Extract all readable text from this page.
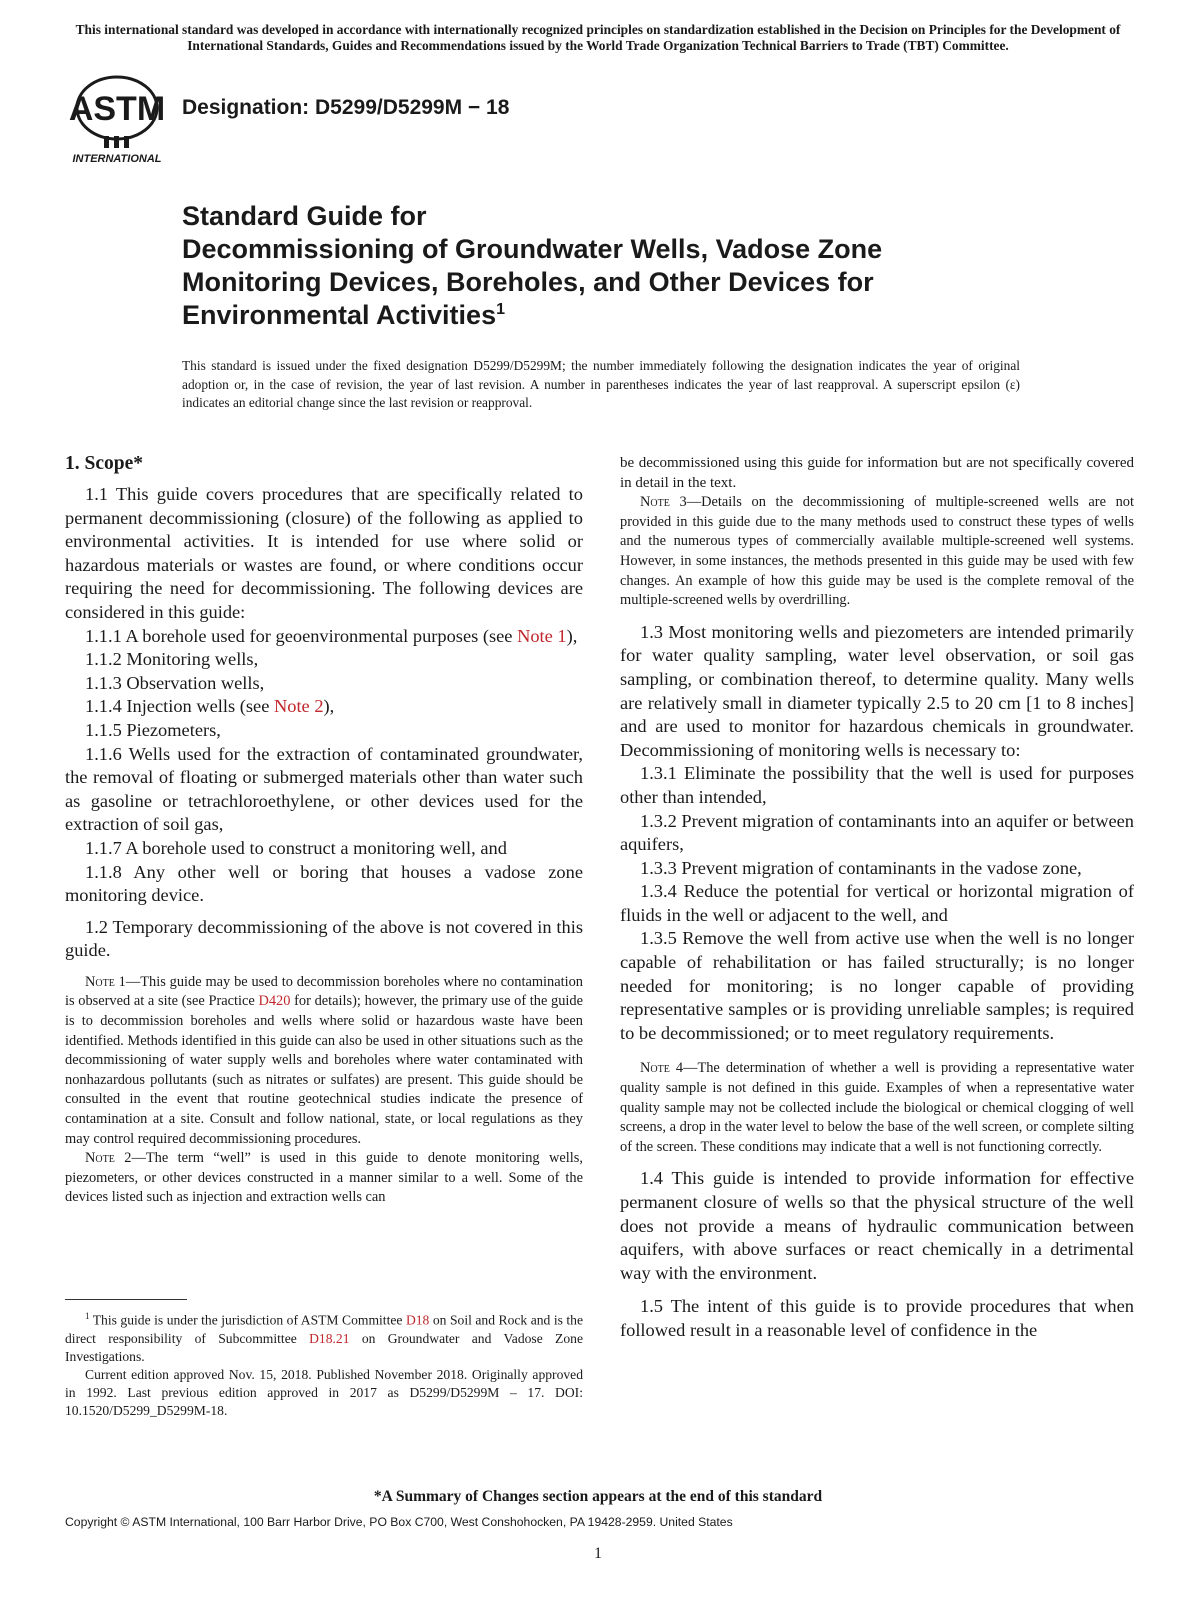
This international standard was developed in accordance with internationally recognized principles on standardization established in the Decision on Principles for the Development of International Standards, Guides and Recommendations issued by the World Trade Organization Technical Barriers to Trade (TBT) Committee.
ASTM
INTERNATIONAL
Designation: D5299/D5299M − 18
Standard Guide for
Decommissioning of Groundwater Wells, Vadose Zone
Monitoring Devices, Boreholes, and Other Devices for
Environmental Activities$^1$
This standard is issued under the fixed designation D5299/D5299M; the number immediately following the designation indicates the year of original adoption or, in the case of revision, the year of last revision. A number in parentheses indicates the year of last reapproval. A superscript epsilon (ε) indicates an editorial change since the last revision or reapproval.

1. Scope*

1.1 This guide covers procedures that are specifically related to permanent decommissioning (closure) of the following as applied to environmental activities. It is intended for use where solid or hazardous materials or wastes are found, or where conditions occur requiring the need for decommissioning. The following devices are considered in this guide:

1.1.1 A borehole used for geoenvironmental purposes (see Note 1),

1.1.2 Monitoring wells,

1.1.3 Observation wells,

1.1.4 Injection wells (see Note 2),

1.1.5 Piezometers,

1.1.6 Wells used for the extraction of contaminated groundwater, the removal of floating or submerged materials other than water such as gasoline or tetrachloroethylene, or other devices used for the extraction of soil gas,

1.1.7 A borehole used to construct a monitoring well, and

1.1.8 Any other well or boring that houses a vadose zone monitoring device.

1.2 Temporary decommissioning of the above is not covered in this guide.

Note 1—This guide may be used to decommission boreholes where no contamination is observed at a site (see Practice D420 for details); however, the primary use of the guide is to decommission boreholes and wells where solid or hazardous waste have been identified. Methods identified in this guide can also be used in other situations such as the decommissioning of water supply wells and boreholes where water contaminated with nonhazardous pollutants (such as nitrates or sulfates) are present. This guide should be consulted in the event that routine geotechnical studies indicate the presence of contamination at a site. Consult and follow national, state, or local regulations as they may control required decommissioning procedures.

Note 2—The term “well” is used in this guide to denote monitoring wells, piezometers, or other devices constructed in a manner similar to a well. Some of the devices listed such as injection and extraction wells can

be decommissioned using this guide for information but are not specifically covered in detail in the text.

Note 3—Details on the decommissioning of multiple-screened wells are not provided in this guide due to the many methods used to construct these types of wells and the numerous types of commercially available multiple-screened well systems. However, in some instances, the methods presented in this guide may be used with few changes. An example of how this guide may be used is the complete removal of the multiple-screened wells by overdrilling.

1.3 Most monitoring wells and piezometers are intended primarily for water quality sampling, water level observation, or soil gas sampling, or combination thereof, to determine quality. Many wells are relatively small in diameter typically 2.5 to 20 cm [1 to 8 inches] and are used to monitor for hazardous chemicals in groundwater. Decommissioning of monitoring wells is necessary to:

1.3.1 Eliminate the possibility that the well is used for purposes other than intended,

1.3.2 Prevent migration of contaminants into an aquifer or between aquifers,

1.3.3 Prevent migration of contaminants in the vadose zone,

1.3.4 Reduce the potential for vertical or horizontal migration of fluids in the well or adjacent to the well, and

1.3.5 Remove the well from active use when the well is no longer capable of rehabilitation or has failed structurally; is no longer needed for monitoring; is no longer capable of providing representative samples or is providing unreliable samples; is required to be decommissioned; or to meet regulatory requirements.

Note 4—The determination of whether a well is providing a representative water quality sample is not defined in this guide. Examples of when a representative water quality sample may not be collected include the biological or chemical clogging of well screens, a drop in the water level to below the base of the well screen, or complete silting of the screen. These conditions may indicate that a well is not functioning correctly.

1.4 This guide is intended to provide information for effective permanent closure of wells so that the physical structure of the well does not provide a means of hydraulic communication between aquifers, with above surfaces or react chemically in a detrimental way with the environment.

1.5 The intent of this guide is to provide procedures that when followed result in a reasonable level of confidence in the

$^1$ This guide is under the jurisdiction of ASTM Committee D18 on Soil and Rock and is the direct responsibility of Subcommittee D18.21 on Groundwater and Vadose Zone Investigations.

Current edition approved Nov. 15, 2018. Published November 2018. Originally approved in 1992. Last previous edition approved in 2017 as D5299/D5299M – 17. DOI: 10.1520/D5299_D5299M-18.

*A Summary of Changes section appears at the end of this standard
Copyright © ASTM International, 100 Barr Harbor Drive, PO Box C700, West Conshohocken, PA 19428-2959. United States
1
